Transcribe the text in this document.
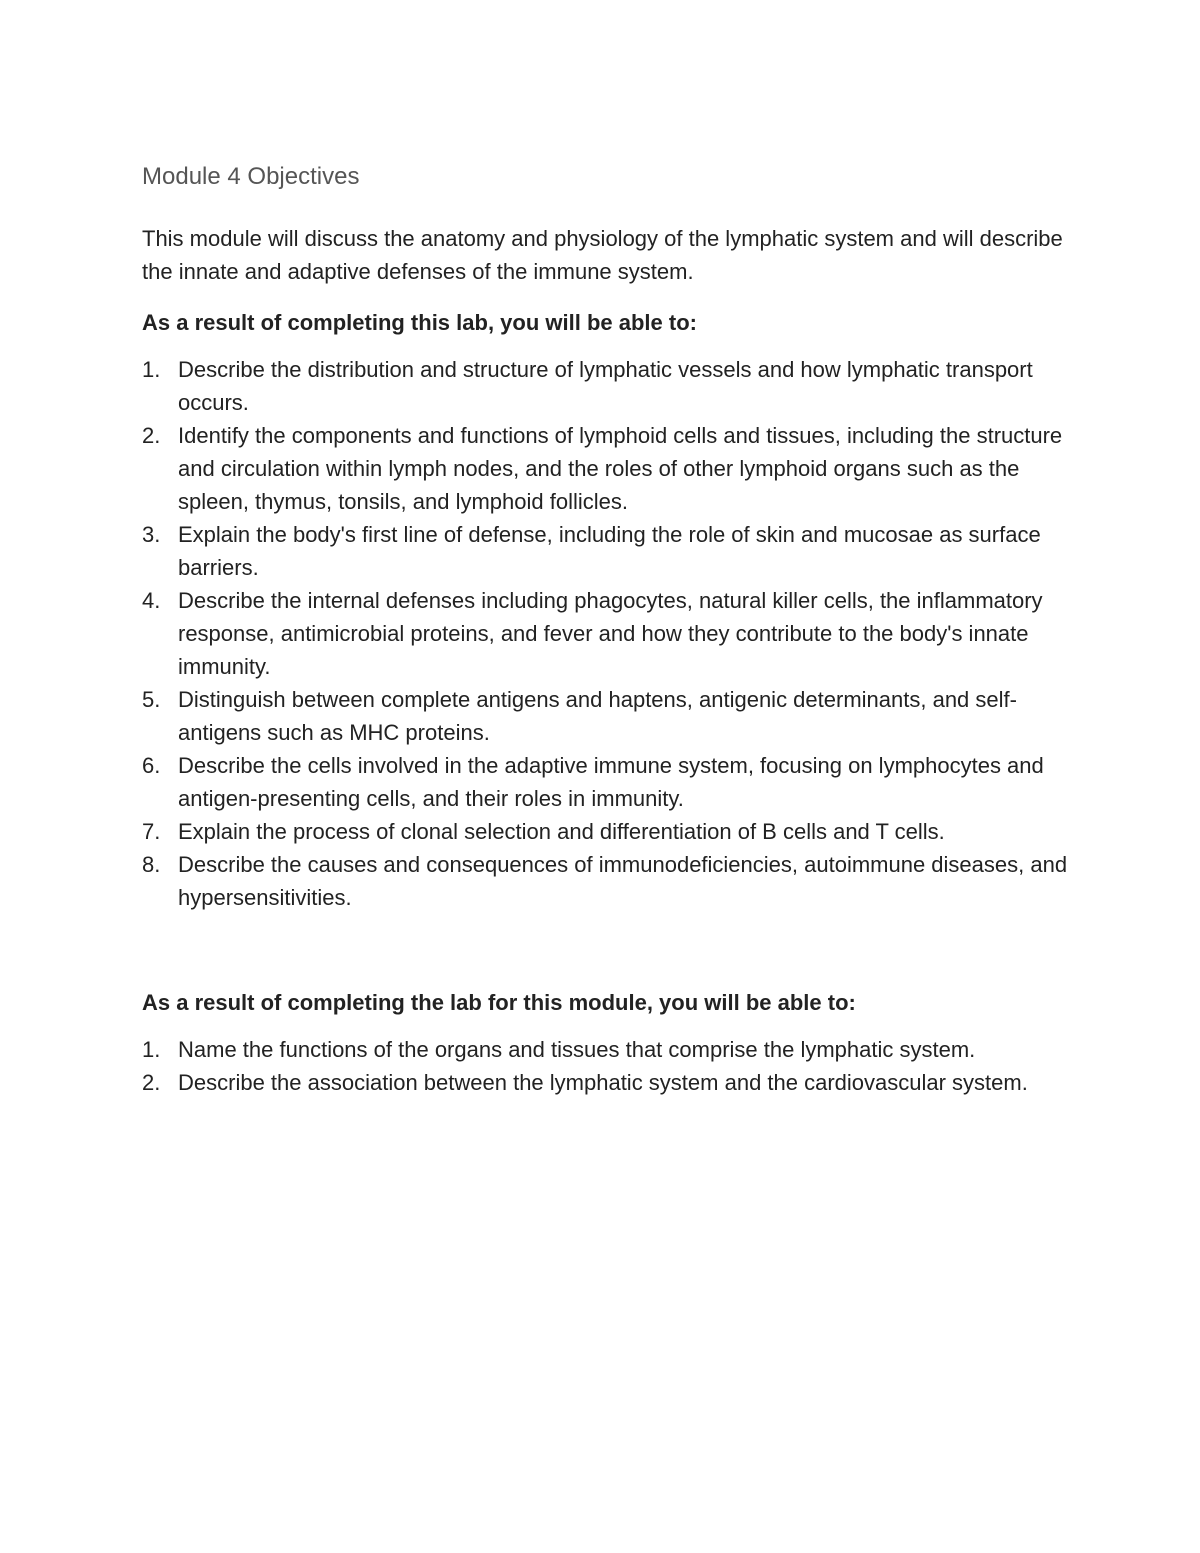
Module 4 Objectives

This module will discuss the anatomy and physiology of the lymphatic system and will describe the innate and adaptive defenses of the immune system.

As a result of completing this lab, you will be able to:

1. Describe the distribution and structure of lymphatic vessels and how lymphatic transport occurs.
2. Identify the components and functions of lymphoid cells and tissues, including the structure and circulation within lymph nodes, and the roles of other lymphoid organs such as the spleen, thymus, tonsils, and lymphoid follicles.
3. Explain the body's first line of defense, including the role of skin and mucosae as surface barriers.
4. Describe the internal defenses including phagocytes, natural killer cells, the inflammatory response, antimicrobial proteins, and fever and how they contribute to the body's innate immunity.
5. Distinguish between complete antigens and haptens, antigenic determinants, and self-antigens such as MHC proteins.
6. Describe the cells involved in the adaptive immune system, focusing on lymphocytes and antigen-presenting cells, and their roles in immunity.
7. Explain the process of clonal selection and differentiation of B cells and T cells.
8. Describe the causes and consequences of immunodeficiencies, autoimmune diseases, and hypersensitivities.

As a result of completing the lab for this module, you will be able to:

1. Name the functions of the organs and tissues that comprise the lymphatic system.
2. Describe the association between the lymphatic system and the cardiovascular system.
